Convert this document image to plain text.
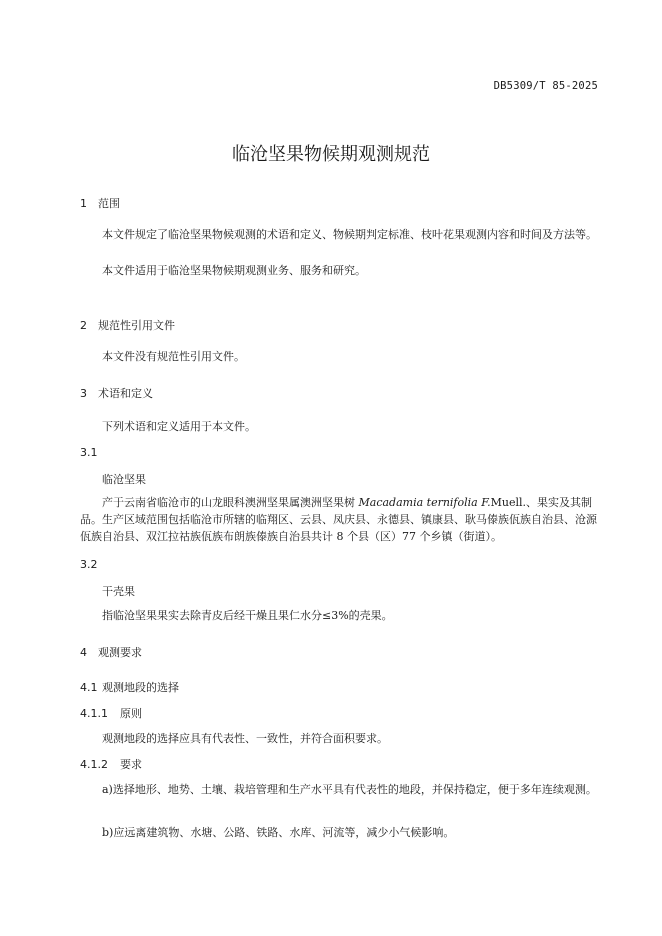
DB5309/T 85-2025
临沧坚果物候期观测规范
1 范围
本文件规定了临沧坚果物候观测的术语和定义、物候期判定标准、枝叶花果观测内容和时间及方法等。
本文件适用于临沧坚果物候期观测业务、服务和研究。
2 规范性引用文件
本文件没有规范性引用文件。
3 术语和定义
下列术语和定义适用于本文件。
3.1
临沧坚果
产于云南省临沧市的山龙眼科澳洲坚果属澳洲坚果树 Macadamia ternifolia F.Muell.、果实及其制品。生产区域范围包括临沧市所辖的临翔区、云县、凤庆县、永德县、镇康县、耿马傣族佤族自治县、沧源佤族自治县、双江拉祜族佤族布朗族傣族自治县共计 8 个县（区）77 个乡镇（街道）。
3.2
干壳果
指临沧坚果果实去除青皮后经干燥且果仁水分≤3%的壳果。
4 观测要求
4.1 观测地段的选择
4.1.1 原则
观测地段的选择应具有代表性、一致性，并符合面积要求。
4.1.2 要求
a)选择地形、地势、土壤、栽培管理和生产水平具有代表性的地段，并保持稳定，便于多年连续观测。
b)应远离建筑物、水塘、公路、铁路、水库、河流等，减少小气候影响。
